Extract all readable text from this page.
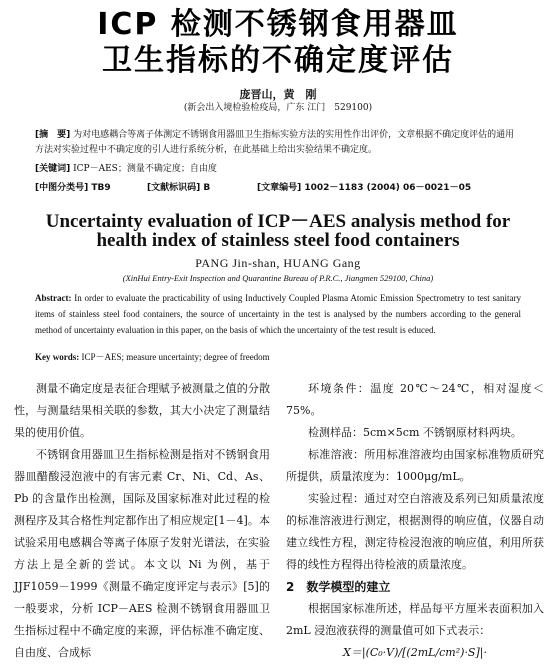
ICP 检测不锈钢食用器皿
卫生指标的不确定度评估
庞晋山，黄　刚
(新会出入境检验检疫局，广东 江门　529100)
[摘　要] 为对电感耦合等离子体测定不锈钢食用器皿卫生指标实验方法的实用性作出评价，文章根据不确定度评估的通用方法对实验过程中不确定度的引人进行系统分析，在此基础上给出实验结果不确定度。
[关键词] ICP－AES；测量不确定度；自由度
[中图分类号] TB9	[文献标识码] B	[文章编号] 1002－1183 (2004) 06－0021－05
Uncertainty evaluation of ICP－AES analysis method for
health index of stainless steel food containers
PANG Jin-shan, HUANG Gang
(XinHui Entry-Exit Inspection and Quarantine Bureau of P.R.C., Jiangmen 529100, China)
Abstract: In order to evaluate the practicability of using Inductively Coupled Plasma Atomic Emission Spectrometry to test sanitary items of stainless steel food containers, the source of uncertainty in the test is analysed by the numbers according to the general method of uncertainty evaluation in this paper, on the basis of which the uncertainty of the test result is educed.
Key words: ICP－AES; measure uncertainty; degree of freedom

测量不确定度是表征合理赋予被测量之值的分散性，与测量结果相关联的参数，其大小决定了测量结果的使用价值。

不锈钢食用器皿卫生指标检测是指对不锈钢食用器皿醋酸浸泡液中的有害元素 Cr、Ni、Cd、As、Pb 的含量作出检测，国际及国家标准对此过程的检测程序及其合格性判定都作出了相应规定[1－4]。本试验采用电感耦合等离子体原子发射光谱法，在实验方法上是全新的尝试。本文以 Ni 为例，基于 JJF1059－1999《测量不确定度评定与表示》[5]的一般要求，分析 ICP－AES 检测不锈钢食用器皿卫生指标过程中不确定度的来源，评估标准不确定度、自由度、合成标

环境条件：温度 20℃～24℃，相对湿度＜75%。

检测样品：5cm×5cm 不锈钢原材料两块。

标准溶液：所用标准溶液均由国家标准物质研究所提供，质量浓度为：1000μg/mL。

实验过程：通过对空白溶液及系列已知质量浓度的标准溶液进行测定，根据测得的响应值，仪器自动建立线性方程，测定待检浸泡液的响应值，利用所获得的线性方程得出待检液的质量浓度。

2　数学模型的建立

根据国家标准所述，样品每平方厘米表面积加入 2mL 浸泡液获得的测量值可如下式表示：

X＝|(C₀·V)/[(2mL/cm²)·S]|·
